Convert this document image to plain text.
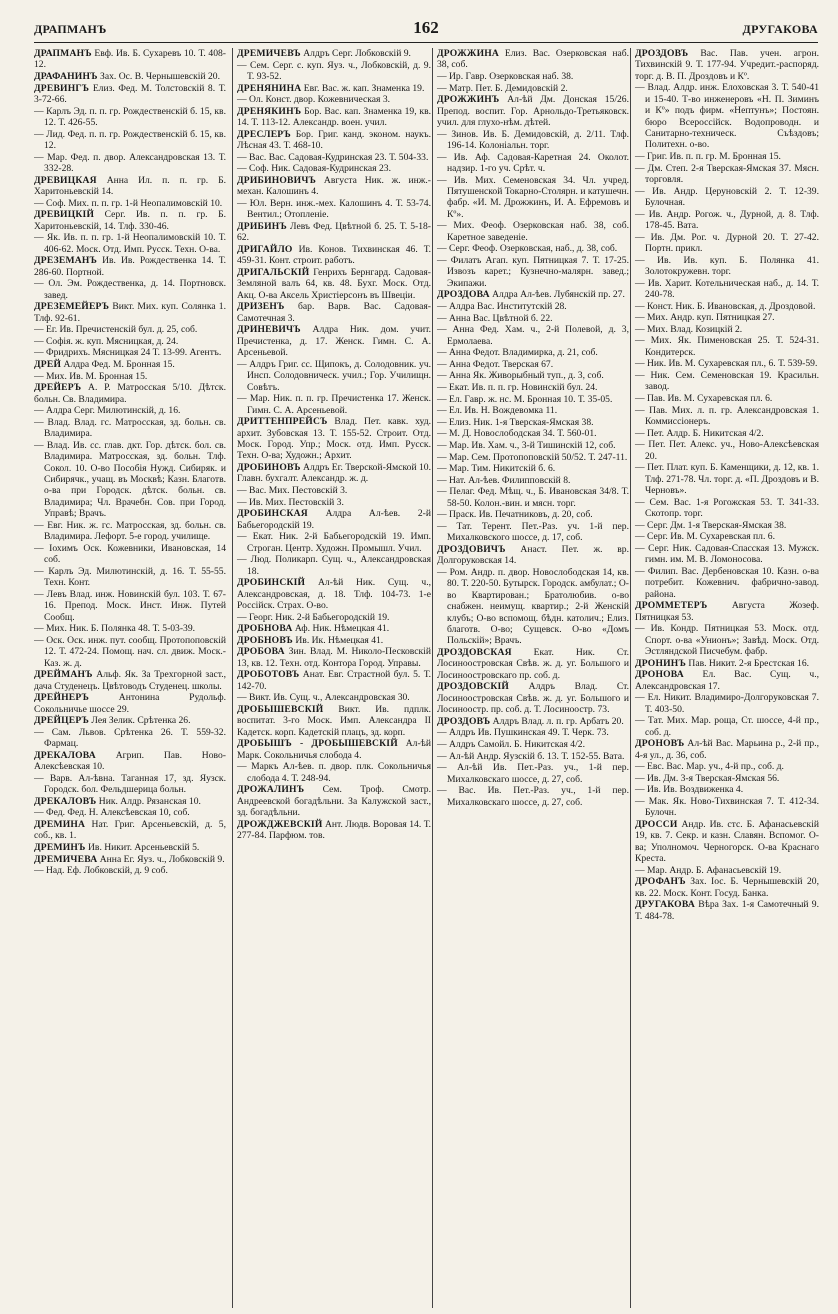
ДРАПМАНЪ	162	ДРУГАКОВА
ДРАПМАНЪ Евф. Ив. Б. Сухаревъ 10. Т. 408-12.
ДРАФАНИНЪ Зах. Ос. В. Чернышевскій 20.
ДРЕВИНГЪ Елиз. Фед. М. Толстовскій 8. Т. 3-72-66.
— Карлъ Эд. п. п. гр. Рождественскій б. 15, кв. 12. Т. 426-55.
— Лид. Фед. п. п. гр. Рождественскій б. 15, кв. 12.
— Мар. Фед. п. двор. Александровская 13. Т. 332-28.
ДРЕВИЦКАЯ Анна Ил. п. п. гр. Б. Харитоньевскій 14.
— Соф. Мих. п. п. гр. 1-й Неопалимовскій 10.
ДРЕВИЦКІЙ Серг. Ив. п. п. гр. Б. Харитоньевскій, 14. Тлф. 330-46.
— Як. Ив. п. п. гр. 1-й Неопалимовскій 10. Т. 406-62. Моск. Отд. Имп. Русск. Техн. О-ва.
ДРЕЗЕМАНЪ Ив. Ив. Рождественка 14. Т. 286-60. Портной.
— Ол. Эм. Рождественка, д. 14. Портновск. завед.
ДРЕЗЕМЕЙЕРЪ Викт. Мих. куп. Солянка 1. Тлф. 92-61.
— Ег. Ив. Пречистенскій бул. д. 25, соб.
— Софія. ж. куп. Мясницкая, д. 24.
— Фридрихъ. Мясницкая 24 Т. 13-99. Агентъ.
ДРЕЙ Алдра Фед. М. Бронная 15.
— Мих. Ив. М. Бронная 15.
ДРЕЙЕРЪ А. Р. Матросская 5/10. Дѣтск. больн. Св. Владимира.
— Алдра Серг. Милютинскій, д. 16.
— Влад. Влад. гс. Матросская, зд. больн. св. Владимира.
— Влад. Ив. сс. глав. дкт. Гор. дѣтск. бол. св. Владимира. Матросская, зд. больн. Тлф. Сокол. 10. О-во Пособія Нужд. Сибиряк. и Сибирячк., учащ. въ Москвѣ; Казн. Благотв. о-ва при Городск. дѣтск. больн. св. Владимира; Чл. Врачебн. Сов. при Город. Управѣ; Врачъ.
— Евг. Ник. ж. гс. Матросская, зд. больн. св. Владимира. Лефорт. 5-е город. училище.
— Іохимъ Оск. Кожевники, Ивановская, 14 соб.
— Карлъ Эд. Милютинскій, д. 16. Т. 55-55. Техн. Конт.
— Левъ Влад. инж. Новинскій бул. 103. Т. 67-16. Препод. Моск. Инст. Инж. Путей Сообщ.
— Мих. Ник. Б. Полянка 48. Т. 5-03-39.
— Оск. Оск. инж. пут. сообщ. Протопоповскій 12. Т. 472-24. Помощ. нач. сл. движ. Моск.-Каз. ж. д.
ДРЕЙМАНЪ Альф. Як. За Трехгорной заст., дача Студенецъ. Цвѣтоводъ Студенец. школы.
ДРЕЙНЕРЪ Антонина Рудольф. Сокольничье шоссе 29.
ДРЕЙЦЕРЪ Лея Зелик. Срѣтенка 26.
— Сам. Львов. Срѣтенка 26. Т. 559-32. Фармац.
ДРЕКАЛОВА Агрип. Пав. Ново-Алексѣевская 10.
— Варв. Ал-ѣвна. Таганная 17, зд. Яузск. Городск. бол. Фельдшерица больн.
ДРЕКАЛОВЪ Ник. Алдр. Рязанская 10.
— Фед. Фед. Н. Алексѣевская 10, соб.
ДРЕМИНА Нат. Григ. Арсеньевскій, д. 5, соб., кв. 1.
ДРЕМИНЪ Ив. Никит. Арсеньевскій 5.
ДРЕМИЧЕВА Анна Ег. Яуз. ч., Лобковскій 9.
— Над. Еф. Лобковскій, д. 9 соб.
ДРЕМИЧЕВЪ Алдръ Серг. Лобковскій 9.
— Сем. Серг. с. куп. Яуз. ч., Лобковскій, д. 9. Т. 93-52.
ДРЕНЯНИНА Евг. Вас. ж. кап. Знаменка 19.
— Ол. Конст. двор. Кожевническая 3.
ДРЕНЯКИНЪ Бор. Вас. кап. Знаменка 19, кв. 14. Т. 113-12. Александр. воен. учил.
ДРЕСЛЕРЪ Бор. Григ. канд. эконом. наукъ. Лѣсная 43. Т. 468-10.
— Вас. Вас. Садовая-Кудринская 23. Т. 504-33.
— Соф. Ник. Садовая-Кудринская 23.
ДРИБИНОВИЧЪ Августа Ник. ж. инж.-механ. Калошинъ 4.
— Юл. Верн. инж.-мех. Калошинъ 4. Т. 53-74. Вентил.; Отопленіе.
ДРИБИНЪ Левъ Фед. Цвѣтной б. 25. Т. 5-18-62.
ДРИГАЙЛО Ив. Конов. Тихвинская 46. Т. 459-31. Конт. строит. работъ.
ДРИГАЛЬСКІЙ Генрихъ Бернгард. Садовая-Земляной валъ 64, кв. 48. Бухг. Моск. Отд. Акц. О-ва Аксель Христіерсонъ въ Швеціи.
ДРИЗЕНЪ бар. Варв. Вас. Садовая-Самотечная 3.
ДРИНЕВИЧЪ Алдра Ник. дом. учит. Пречистенка, д. 17. Женск. Гимн. С. А. Арсеньевой.
— Алдръ Григ. сс. Щипокъ, д. Солодовник. уч. Инсп. Солодовническ. учил.; Гор. Училищн. Совѣтъ.
— Мар. Ник. п. п. гр. Пречистенка 17. Женск. Гимн. С. А. Арсеньевой.
ДРИТТЕНПРЕЙСЪ Влад. Пет. кавк. худ. архит. Зубовская 13. Т. 155-52. Строит. Отд. Моск. Город. Упр.; Моск. отд. Имп. Русск. Техн. О-ва; Художн.; Архит.
ДРОБИНОВЪ Алдръ Ег. Тверской-Ямской 10. Главн. бухгалт. Александр. ж. д.
— Вас. Мих. Пестовскій 3.
— Ив. Мих. Пестовскій 3.
ДРОБИНСКАЯ Алдра Ал-ѣев. 2-й Бабьегородскій 19.
— Екат. Ник. 2-й Бабьегородскій 19. Имп. Строган. Центр. Художн. Промышл. Учил.
— Люд. Поликарп. Сущ. ч., Александровская 18.
ДРОБИНСКІЙ Ал-ѣй Ник. Сущ. ч., Александровская, д. 18. Тлф. 104-73. 1-е Россійск. Страх. О-во.
— Георг. Ник. 2-й Бабьегородскій 19.
ДРОБНОВА Аф. Ник. Нѣмецкая 41.
ДРОБНОВЪ Ив. Ик. Нѣмецкая 41.
ДРОБОВА Зин. Влад. М. Николо-Песковскій 13, кв. 12. Техн. отд. Контора Город. Управы.
ДРОБОТОВЪ Анат. Евг. Страстной бул. 5. Т. 142-70.
— Викт. Ив. Сущ. ч., Александровская 30.
ДРОБЫШЕВСКІЙ Викт. Ив. пдплк. воспитат. 3-го Моск. Имп. Александра II Кадетск. корп. Кадетскій плацъ, зд. корп.
ДРОБЫШЪ - ДРОБЫШЕВСКІЙ Ал-ѣй Марк. Сокольничья слобода 4.
— Маркъ Ал-ѣев. п. двор. плк. Сокольничья слобода 4. Т. 248-94.
ДРОЖАЛИНЪ Сем. Троф. Смотр. Андреевской богадѣльни. За Калужской заст., зд. богадѣльни.
ДРОЖДЖЕВСКІЙ Ант. Людв. Воровая 14. Т. 277-84. Парфюм. тов.
ДРОЖЖИНА Елиз. Вас. Озерковская наб. 38, соб.
— Ир. Гавр. Озерковская наб. 38.
— Матр. Пет. Б. Демидовскій 2.
ДРОЖЖИНЪ Ал-ѣй Дм. Донская 15/26. Препод. воспит. Гор. Арнольдо-Третьяковск. учил. для глухо-нѣм. дѣтей.
— Зинов. Ив. Б. Демидовскій, д. 2/11. Тлф. 196-14. Колоніальн. торг.
— Ив. Аф. Садовая-Каретная 24. Околот. надзир. 1-го уч. Срѣт. ч.
— Ив. Мих. Семеновская 34. Чл. учред. Пятушенской Токарно-Столярн. и катушечн. фабр. «И. М. Дрожжинъ, И. А. Ефремовъ и Кº».
— Мих. Феоф. Озерковская наб. 38, соб. Каретное заведеніе.
— Серг. Феоф. Озерковская, наб., д. 38, соб.
— Филатъ Агап. куп. Пятницкая 7. Т. 17-25. Извозъ карет.; Кузнечно-малярн. завед.; Экипажи.
ДРОЗДОВА Алдра Ал-ѣев. Лубянскій пр. 27.
— Алдра Вас. Институтскій 28.
— Анна Вас. Цвѣтной б. 22.
— Анна Фед. Хам. ч., 2-й Полевой, д. 3, Ермолаева.
— Анна Федот. Владимирка, д. 21, соб.
— Анна Федот. Тверская 67.
— Анна Як. Живорыбный туп., д. 3, соб.
— Екат. Ив. п. п. гр. Новинскій бул. 24.
— Ел. Гавр. ж. нс. М. Бронная 10. Т. 35-05.
— Ел. Ив. Н. Вождевомка 11.
— Елиз. Ник. 1-я Тверская-Ямская 38.
— М. Д. Новослободская 34. Т. 560-01.
— Мар. Ив. Хам. ч., 3-й Тишинскій 12, соб.
— Мар. Сем. Протопоповскій 50/52. Т. 247-11.
— Мар. Тим. Никитскій б. 6.
— Нат. Ал-ѣев. Филипповскій 8.
— Пелаг. Фед. Мѣщ. ч., Б. Ивановская 34/8. Т. 58-50. Колон.-вин. и мясн. торг.
— Праск. Ив. Печатниковъ, д. 20, соб.
— Тат. Терент. Пет.-Раз. уч. 1-й пер. Михалковского шоссе, д. 17, соб.
ДРОЗДОВИЧЪ Анаст. Пет. ж. вр. Долгоруковская 14.
— Ром. Андр. п. двор. Новослободская 14, кв. 80. Т. 220-50. Бутырск. Городск. амбулат.; О-во Квартирован.; Братолюбив. о-во снабжен. неимущ. квартир.; 2-й Женскій клубъ; О-во вспомощ. бѣдн. католич.; Елиз. благотв. О-во; Сущевск. О-во «Домъ Польскій»; Врачъ.
ДРОЗДОВСКАЯ Екат. Ник. Ст. Лосиноостровская Свѣв. ж. д. уг. Большого и Лосиноостровскаго пр. соб. д.
ДРОЗДОВСКІЙ Алдръ Влад. Ст. Лосиноостровская Свѣв. ж. д. уг. Большого и Лосиноостр. пр. соб. д. Т. Лосиноостр. 73.
ДРОЗДОВЪ Алдръ Влад. л. п. гр. Арбатъ 20.
— Алдръ Ив. Пушкинская 49. Т. Черк. 73.
— Алдръ Самойл. Б. Никитская 4/2.
— Ал-ѣй Андр. Яузскій б. 13. Т. 152-55. Вата.
— Ал-ѣй Ив. Пет.-Раз. уч., 1-й пер. Михалковскаго шоссе, д. 27, соб.
— Вас. Ив. Пет.-Раз. уч., 1-й пер. Михалковскаго шоссе, д. 27, соб.
ДРОЗДОВЪ Вас. Пав. учен. агрон. Тихвинскій 9. Т. 177-94. Учредит.-распоряд. торг. д. В. П. Дроздовъ и Кº.
— Влад. Алдр. инж. Елоховская 3. Т. 540-41 и 15-40. Т-во инженеровъ «Н. П. Зиминъ и Кº» подъ фирм. «Нептунъ»; Постоян. бюро Всероссійск. Водопроводн. и Санитарно-техническ. Съѣздовъ; Политехн. о-во.
— Григ. Ив. п. п. гр. М. Бронная 15.
— Дм. Степ. 2-я Тверская-Ямская 37. Мясн. торговля.
— Ив. Андр. Церуновскій 2. Т. 12-39. Булочная.
— Ив. Андр. Рогож. ч., Дурной, д. 8. Тлф. 178-45. Вата.
— Ив. Дм. Рог. ч. Дурной 20. Т. 27-42. Портн. прикл.
— Ив. Ив. куп. Б. Полянка 41. Золотокружевн. торг.
— Ив. Харит. Котельническая наб., д. 14. Т. 240-78.
— Конст. Ник. Б. Ивановская, д. Дроздовой.
— Мих. Андр. куп. Пятницкая 27.
— Мих. Влад. Козицкій 2.
— Мих. Як. Пименовская 25. Т. 524-31. Кондитерск.
— Ник. Ив. М. Сухаревская пл., 6. Т. 539-59.
— Ник. Сем. Семеновская 19. Красильн. завод.
— Пав. Ив. М. Сухаревская пл. 6.
— Пав. Мих. л. п. гр. Александровская 1. Коммиссіонеръ.
— Пет. Алдр. Б. Никитская 4/2.
— Пет. Пет. Алекс. уч., Ново-Алексѣевская 20.
— Пет. Плат. куп. Б. Каменщики, д. 12, кв. 1. Тлф. 271-78. Чл. торг. д. «П. Дроздовъ и В. Черновъ».
— Сем. Вас. 1-я Рогожская 53. Т. 341-33. Скотопр. торг.
— Серг. Дм. 1-я Тверская-Ямская 38.
— Серг. Ив. М. Сухаревская пл. 6.
— Серг. Ник. Садовая-Спасская 13. Мужск. гимн. им. М. В. Ломоносова.
— Филип. Вас. Дербеновская 10. Казн. о-ва потребит. Кожевнич. фабрично-завод. района.
ДРОММЕТЕРЪ Августа Жозеф. Пятницкая 53.
— Ив. Кондр. Пятницкая 53. Моск. отд. Спорт. о-ва «Унионъ»; Завѣд. Моск. Отд. Эстляндской Писчебум. фабр.
ДРОНИНЪ Пав. Никит. 2-я Брестская 16.
ДРОНОВА Ел. Вас. Сущ. ч., Александровская 17.
— Ел. Никит. Владимиро-Долгоруковская 7. Т. 403-50.
— Тат. Мих. Мар. роща, Ст. шоссе, 4-й пр., соб. д.
ДРОНОВЪ Ал-ѣй Вас. Марьина р., 2-й пр., 4-я ул., д. 36, соб.
— Евс. Вас. Мар. уч., 4-й пр., соб. д.
— Ив. Дм. 3-я Тверская-Ямская 56.
— Ив. Ив. Воздвиженка 4.
— Мак. Як. Ново-Тихвинская 7. Т. 412-34. Булочн.
ДРОССИ Андр. Ив. стс. Б. Афанасьевскій 19, кв. 7. Секр. и казн. Славян. Вспомог. О-ва; Уполномоч. Черногорск. О-ва Краснаго Креста.
— Мар. Андр. Б. Афанасьевскій 19.
ДРОФАНЪ Зах. Іос. Б. Чернышевскій 20, кв. 22. Моск. Конт. Госуд. Банка.
ДРУГАКОВА Вѣра Зах. 1-я Самотечный 9. Т. 484-78.
